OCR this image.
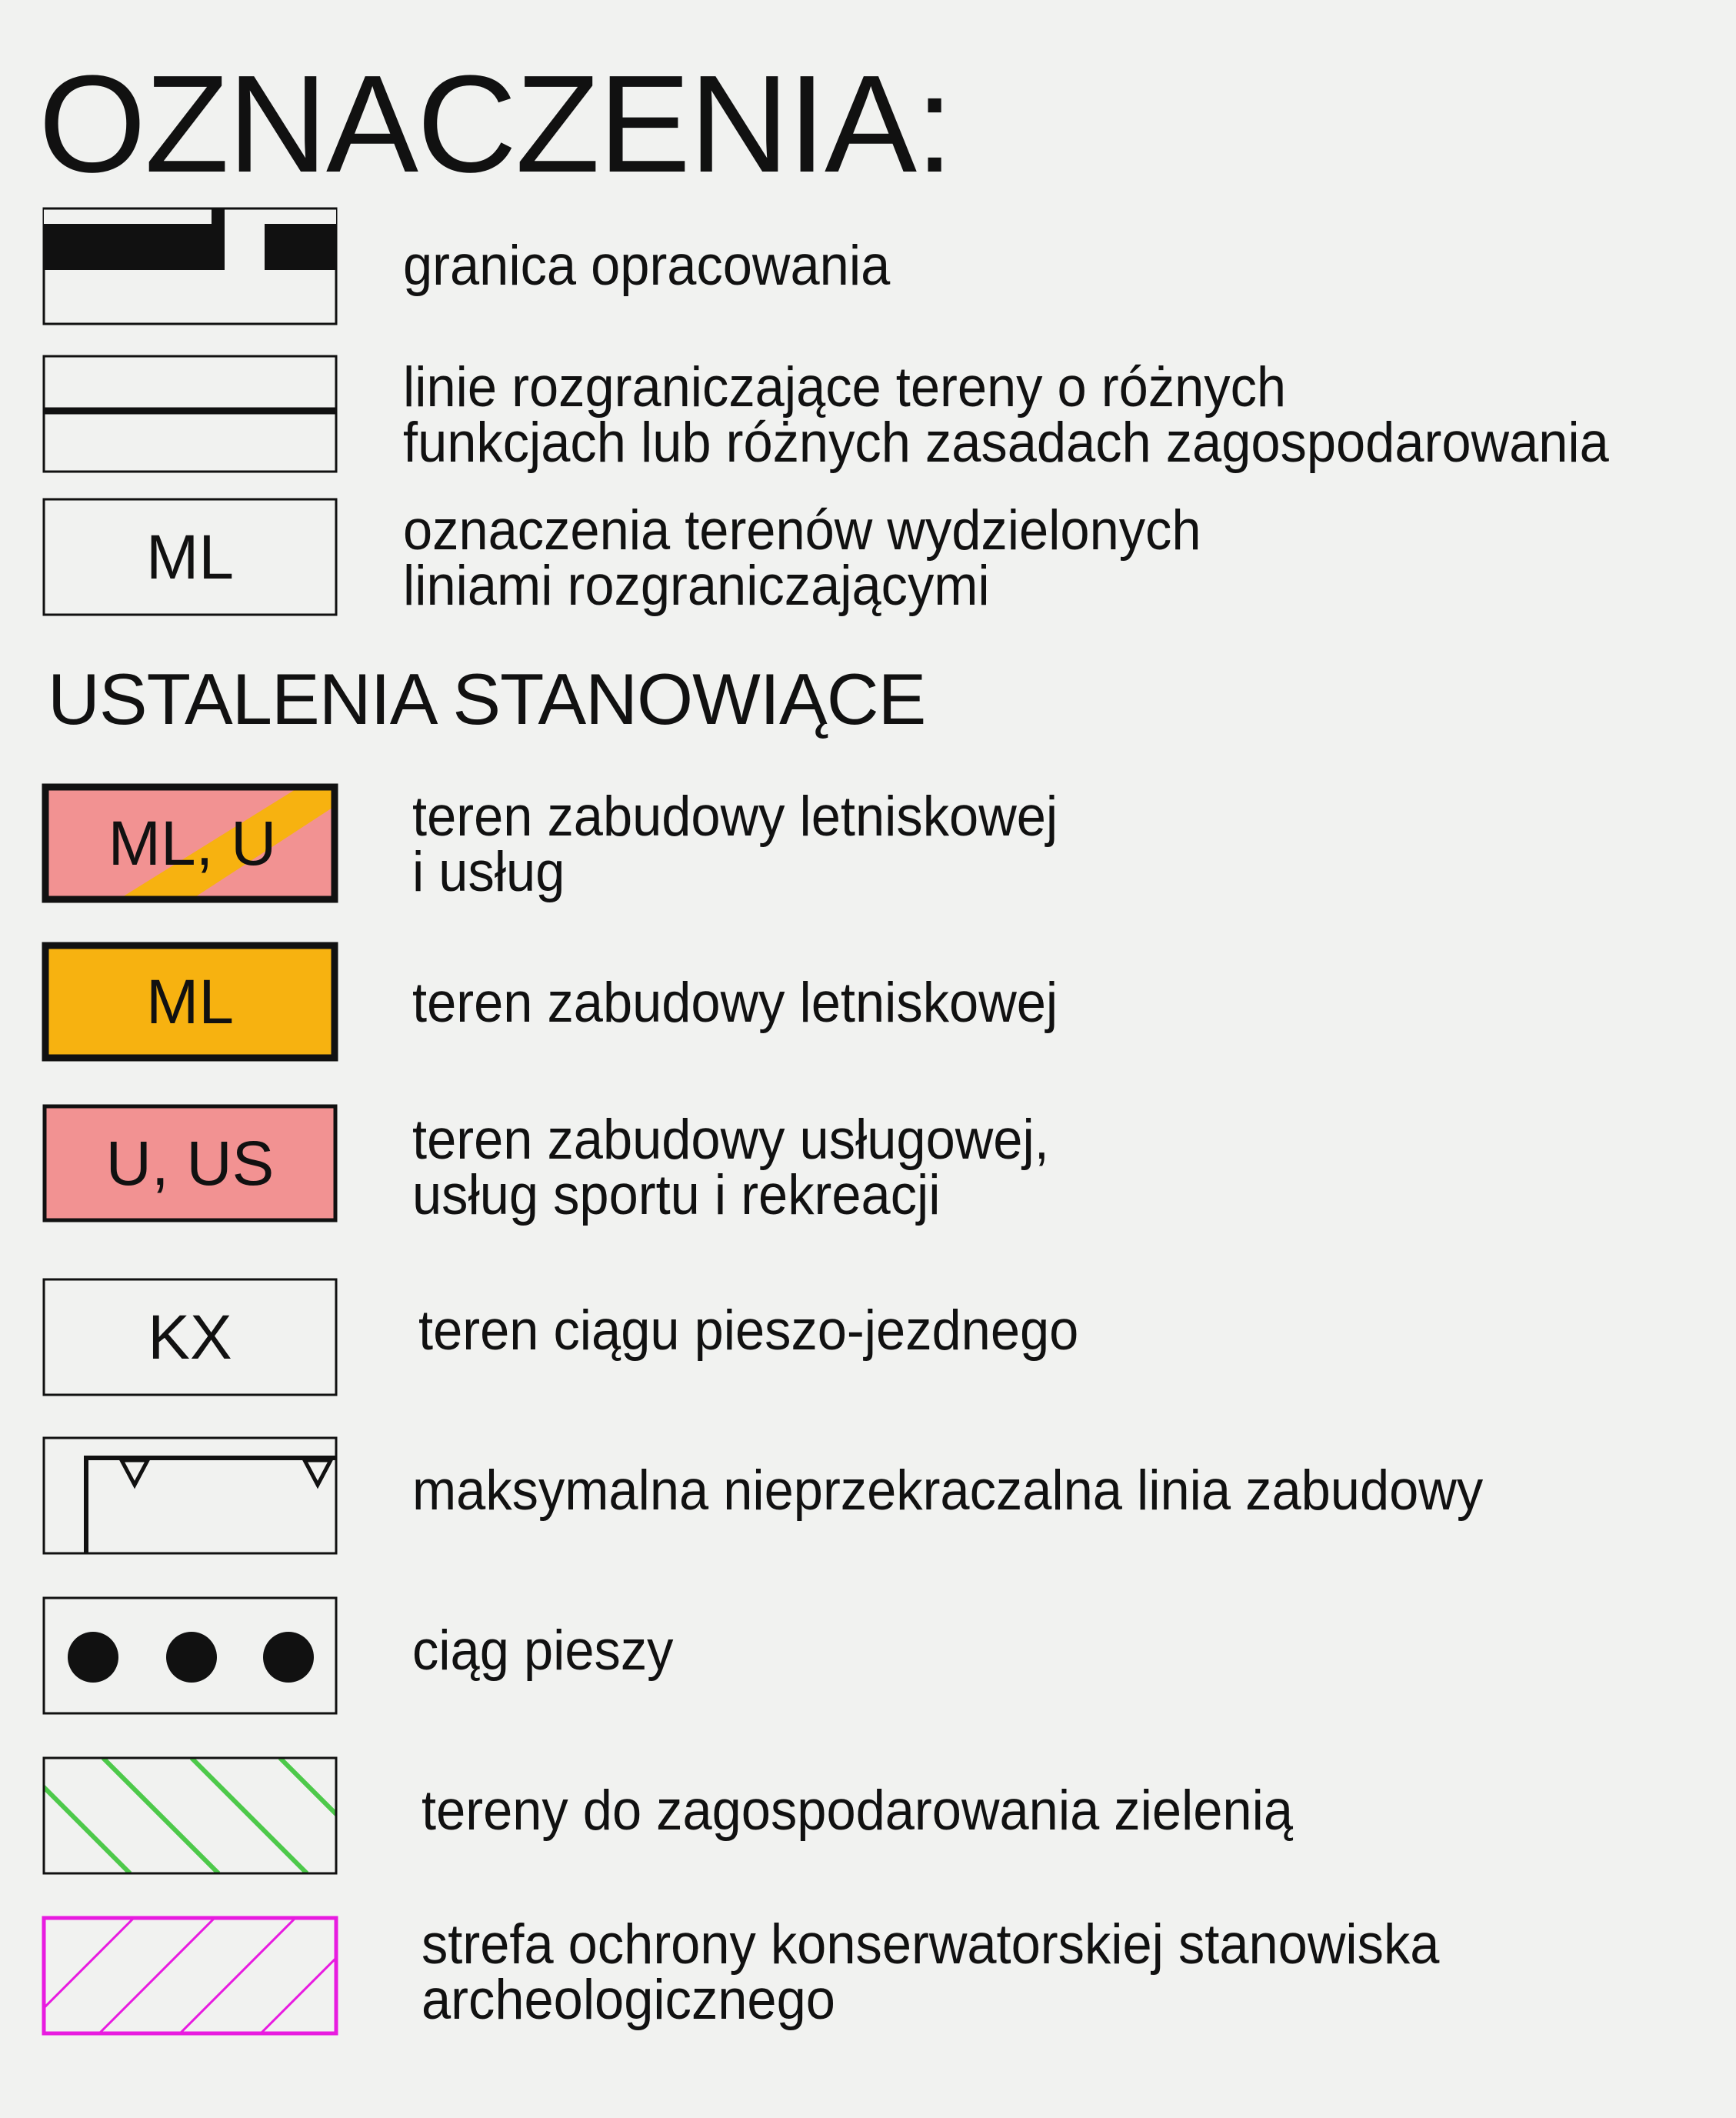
OZNACZENIA:
granica opracowania
linie rozgraniczające tereny o różnych
funkcjach lub różnych zasadach zagospodarowania
ML	oznaczenia terenów wydzielonych
liniami rozgraniczającymi
USTALENIA STANOWIĄCE
ML, U teren zabudowy letniskowej
i usług
ML	teren zabudowy letniskowej
U, US teren zabudowy usługowej,
usług sportu i rekreacji
KX	teren ciągu pieszo-jezdnego
maksymalna nieprzekraczalna linia zabudowy
ciąg pieszy
tereny do zagospodarowania zielenią
strefa ochrony konserwatorskiej stanowiska
archeologicznego
